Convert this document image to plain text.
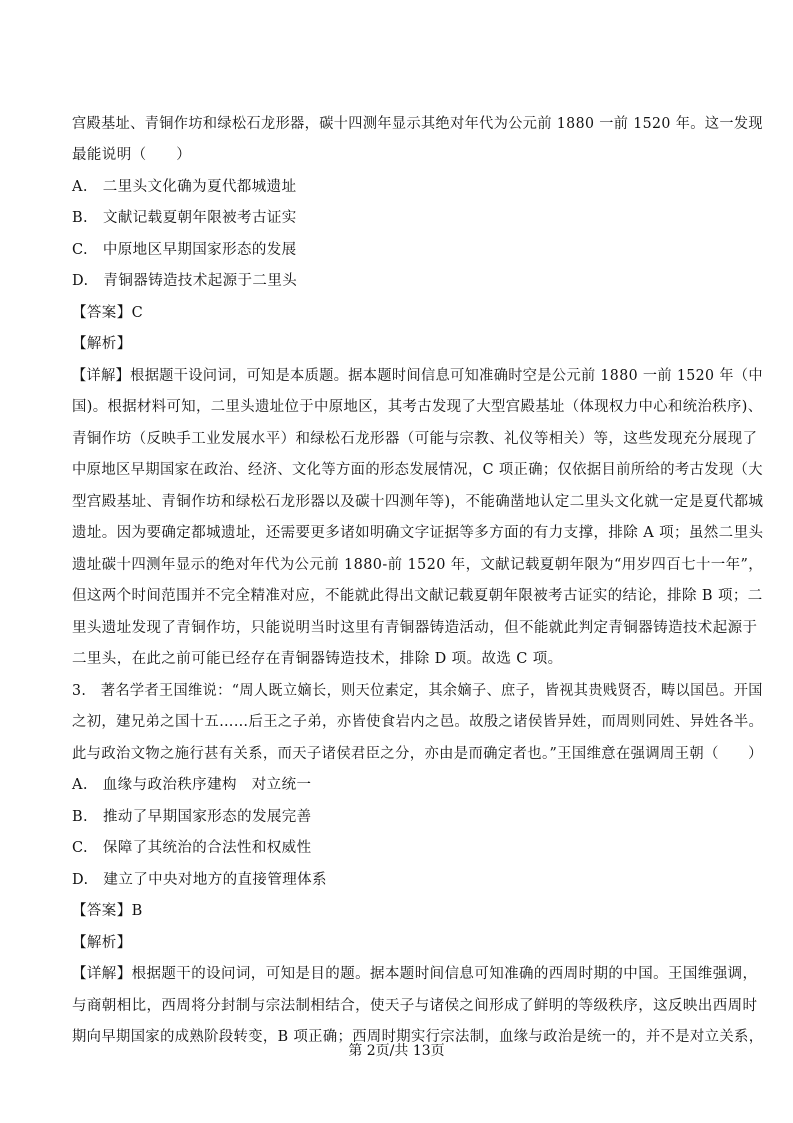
宫殿基址、青铜作坊和绿松石龙形器，碳十四测年显示其绝对年代为公元前 1880 一前 1520 年。这一发现
最能说明（　　）
A.　二里头文化确为夏代都城遗址
B.　文献记载夏朝年限被考古证实
C.　中原地区早期国家形态的发展
D.　青铜器铸造技术起源于二里头
【答案】C
【解析】
【详解】根据题干设问词，可知是本质题。据本题时间信息可知准确时空是公元前 1880 一前 1520 年（中
国)。根据材料可知，二里头遗址位于中原地区，其考古发现了大型宫殿基址（体现权力中心和统治秩序)、
青铜作坊（反映手工业发展水平）和绿松石龙形器（可能与宗教、礼仪等相关）等，这些发现充分展现了
中原地区早期国家在政治、经济、文化等方面的形态发展情况，C 项正确；仅依据目前所给的考古发现（大
型宫殿基址、青铜作坊和绿松石龙形器以及碳十四测年等)，不能确凿地认定二里头文化就一定是夏代都城
遗址。因为要确定都城遗址，还需要更多诸如明确文字证据等多方面的有力支撑，排除 A 项；虽然二里头
遗址碳十四测年显示的绝对年代为公元前 1880-前 1520 年，文献记载夏朝年限为“用岁四百七十一年”，
但这两个时间范围并不完全精准对应，不能就此得出文献记载夏朝年限被考古证实的结论，排除 B 项；二
里头遗址发现了青铜作坊，只能说明当时这里有青铜器铸造活动，但不能就此判定青铜器铸造技术起源于
二里头，在此之前可能已经存在青铜器铸造技术，排除 D 项。故选 C 项。
3.　著名学者王国维说：“周人既立嫡长，则天位素定，其余嫡子、庶子，皆视其贵贱贤否，畴以国邑。开国
之初，建兄弟之国十五……后王之子弟，亦皆使食岩内之邑。故殷之诸侯皆异姓，而周则同姓、异姓各半。
此与政治文物之施行甚有关系，而天子诸侯君臣之分，亦由是而确定者也。”王国维意在强调周王朝（　　）
A.　血缘与政治秩序建构　对立统一
B.　推动了早期国家形态的发展完善
C.　保障了其统治的合法性和权威性
D.　建立了中央对地方的直接管理体系
【答案】B
【解析】
【详解】根据题干的设问词，可知是目的题。据本题时间信息可知准确的西周时期的中国。王国维强调，
与商朝相比，西周将分封制与宗法制相结合，使天子与诸侯之间形成了鲜明的等级秩序，这反映出西周时
期向早期国家的成熟阶段转变，B 项正确；西周时期实行宗法制，血缘与政治是统一的，并不是对立关系，
第 2页/共 13页
